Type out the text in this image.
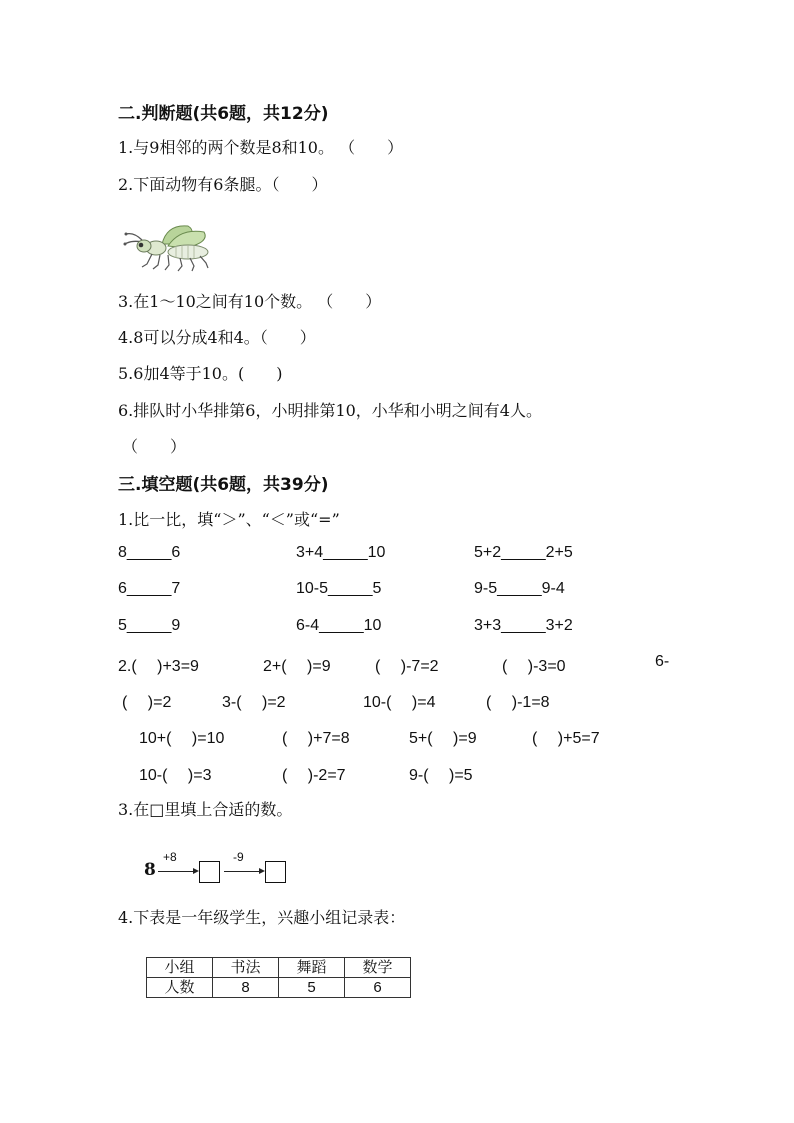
二.判断题(共6题，共12分)
1.与9相邻的两个数是8和10。 （　　）
2.下面动物有6条腿。（　　）
3.在1～10之间有10个数。 （　　）
4.8可以分成4和4。（　　）
5.6加4等于10。(　　)
6.排队时小华排第6，小明排第10，小华和小明之间有4人。
（　　）
三.填空题(共6题，共39分)
1.比一比，填“＞”、“＜”或“=”
8_____6	3+4_____10	5+2_____2+5
6_____7	10-5_____5	9-5_____9-4
5_____9	6-4_____10	3+3_____3+2
2.(　 )+3=9	2+(　 )=9	(　 )-7=2	(　 )-3=0	6-
(　 )=2	3-(　 )=2	10-(　 )=4	(　 )-1=8
10+(　 )=10	(　 )+7=8	5+(　 )=9	(　 )+5=7
10-(　 )=3	(　 )-2=7	9-(　 )=5
3.在□里填上合适的数。
8
+8	-9
4.下表是一年级学生，兴趣小组记录表：
小组	书法	舞蹈	数学
人数	8	5	6
